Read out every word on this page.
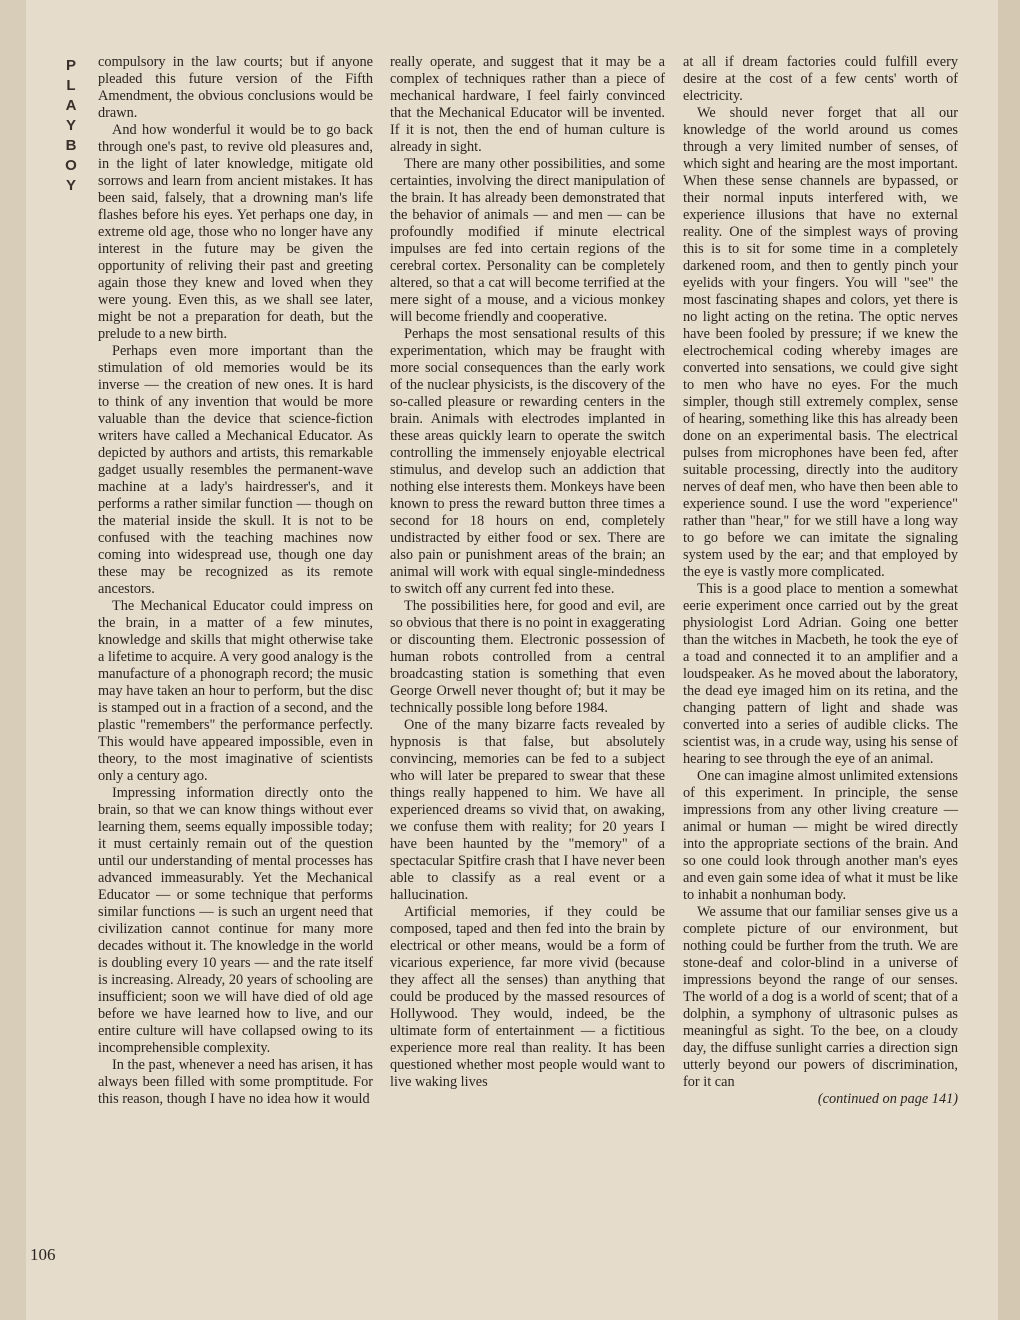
P
L
A
Y
B
O
Y
106

compulsory in the law courts; but if anyone pleaded this future version of the Fifth Amendment, the obvious conclusions would be drawn.

And how wonderful it would be to go back through one's past, to revive old pleasures and, in the light of later knowledge, mitigate old sorrows and learn from ancient mistakes. It has been said, falsely, that a drowning man's life flashes before his eyes. Yet perhaps one day, in extreme old age, those who no longer have any interest in the future may be given the opportunity of reliving their past and greeting again those they knew and loved when they were young. Even this, as we shall see later, might be not a preparation for death, but the prelude to a new birth.

Perhaps even more important than the stimulation of old memories would be its inverse — the creation of new ones. It is hard to think of any invention that would be more valuable than the device that science-fiction writers have called a Mechanical Educator. As depicted by authors and artists, this remarkable gadget usually resembles the permanent-wave machine at a lady's hairdresser's, and it performs a rather similar function — though on the material inside the skull. It is not to be confused with the teaching machines now coming into widespread use, though one day these may be recognized as its remote ancestors.

The Mechanical Educator could impress on the brain, in a matter of a few minutes, knowledge and skills that might otherwise take a lifetime to acquire. A very good analogy is the manufacture of a phonograph record; the music may have taken an hour to perform, but the disc is stamped out in a fraction of a second, and the plastic "remembers" the performance perfectly. This would have appeared impossible, even in theory, to the most imaginative of scientists only a century ago.

Impressing information directly onto the brain, so that we can know things without ever learning them, seems equally impossible today; it must certainly remain out of the question until our understanding of mental processes has advanced immeasurably. Yet the Mechanical Educator — or some technique that performs similar functions — is such an urgent need that civilization cannot continue for many more decades without it. The knowledge in the world is doubling every 10 years — and the rate itself is increasing. Already, 20 years of schooling are insufficient; soon we will have died of old age before we have learned how to live, and our entire culture will have collapsed owing to its incomprehensible complexity.

In the past, whenever a need has arisen, it has always been filled with some promptitude. For this reason, though I have no idea how it would

really operate, and suggest that it may be a complex of techniques rather than a piece of mechanical hardware, I feel fairly convinced that the Mechanical Educator will be invented. If it is not, then the end of human culture is already in sight.

There are many other possibilities, and some certainties, involving the direct manipulation of the brain. It has already been demonstrated that the behavior of animals — and men — can be profoundly modified if minute electrical impulses are fed into certain regions of the cerebral cortex. Personality can be completely altered, so that a cat will become terrified at the mere sight of a mouse, and a vicious monkey will become friendly and cooperative.

Perhaps the most sensational results of this experimentation, which may be fraught with more social consequences than the early work of the nuclear physicists, is the discovery of the so-called pleasure or rewarding centers in the brain. Animals with electrodes implanted in these areas quickly learn to operate the switch controlling the immensely enjoyable electrical stimulus, and develop such an addiction that nothing else interests them. Monkeys have been known to press the reward button three times a second for 18 hours on end, completely undistracted by either food or sex. There are also pain or punishment areas of the brain; an animal will work with equal single-mindedness to switch off any current fed into these.

The possibilities here, for good and evil, are so obvious that there is no point in exaggerating or discounting them. Electronic possession of human robots controlled from a central broadcasting station is something that even George Orwell never thought of; but it may be technically possible long before 1984.

One of the many bizarre facts revealed by hypnosis is that false, but absolutely convincing, memories can be fed to a subject who will later be prepared to swear that these things really happened to him. We have all experienced dreams so vivid that, on awaking, we confuse them with reality; for 20 years I have been haunted by the "memory" of a spectacular Spitfire crash that I have never been able to classify as a real event or a hallucination.

Artificial memories, if they could be composed, taped and then fed into the brain by electrical or other means, would be a form of vicarious experience, far more vivid (because they affect all the senses) than anything that could be produced by the massed resources of Hollywood. They would, indeed, be the ultimate form of entertainment — a fictitious experience more real than reality. It has been questioned whether most people would want to live waking lives

at all if dream factories could fulfill every desire at the cost of a few cents' worth of electricity.

We should never forget that all our knowledge of the world around us comes through a very limited number of senses, of which sight and hearing are the most important. When these sense channels are bypassed, or their normal inputs interfered with, we experience illusions that have no external reality. One of the simplest ways of proving this is to sit for some time in a completely darkened room, and then to gently pinch your eyelids with your fingers. You will "see" the most fascinating shapes and colors, yet there is no light acting on the retina. The optic nerves have been fooled by pressure; if we knew the electrochemical coding whereby images are converted into sensations, we could give sight to men who have no eyes. For the much simpler, though still extremely complex, sense of hearing, something like this has already been done on an experimental basis. The electrical pulses from microphones have been fed, after suitable processing, directly into the auditory nerves of deaf men, who have then been able to experience sound. I use the word "experience" rather than "hear," for we still have a long way to go before we can imitate the signaling system used by the ear; and that employed by the eye is vastly more complicated.

This is a good place to mention a somewhat eerie experiment once carried out by the great physiologist Lord Adrian. Going one better than the witches in Macbeth, he took the eye of a toad and connected it to an amplifier and a loudspeaker. As he moved about the laboratory, the dead eye imaged him on its retina, and the changing pattern of light and shade was converted into a series of audible clicks. The scientist was, in a crude way, using his sense of hearing to see through the eye of an animal.

One can imagine almost unlimited extensions of this experiment. In principle, the sense impressions from any other living creature — animal or human — might be wired directly into the appropriate sections of the brain. And so one could look through another man's eyes and even gain some idea of what it must be like to inhabit a nonhuman body.

We assume that our familiar senses give us a complete picture of our environment, but nothing could be further from the truth. We are stone-deaf and color-blind in a universe of impressions beyond the range of our senses. The world of a dog is a world of scent; that of a dolphin, a symphony of ultrasonic pulses as meaningful as sight. To the bee, on a cloudy day, the diffuse sunlight carries a direction sign utterly beyond our powers of discrimination, for it can

(continued on page 141)
